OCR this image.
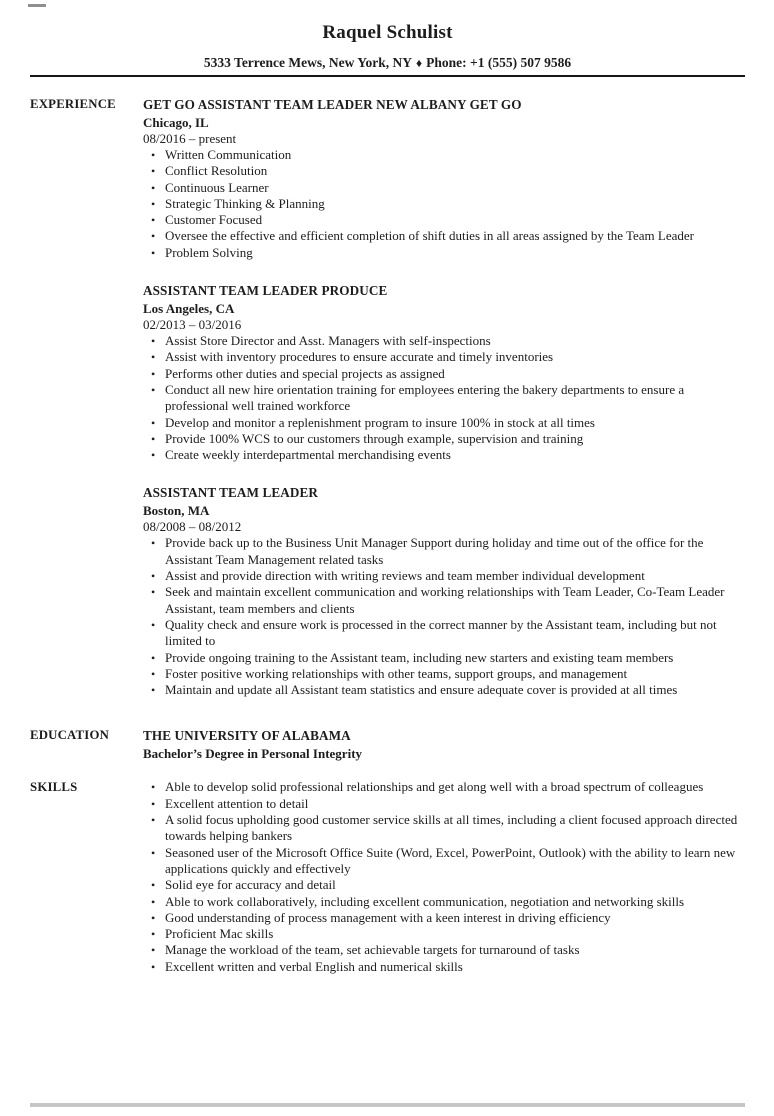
Raquel Schulist
5333 Terrence Mews, New York, NY ♦ Phone: +1 (555) 507 9586
EXPERIENCE	GET GO ASSISTANT TEAM LEADER NEW ALBANY GET GO
Chicago, IL
08/2016 – present
• Written Communication
• Conflict Resolution
• Continuous Learner
• Strategic Thinking & Planning
• Customer Focused
• Oversee the effective and efficient completion of shift duties in all areas assigned by the Team Leader
• Problem Solving
ASSISTANT TEAM LEADER PRODUCE
Los Angeles, CA
02/2013 – 03/2016
• Assist Store Director and Asst. Managers with self-inspections
• Assist with inventory procedures to ensure accurate and timely inventories
• Performs other duties and special projects as assigned
• Conduct all new hire orientation training for employees entering the bakery departments to ensure a professional well trained workforce
• Develop and monitor a replenishment program to insure 100% in stock at all times
• Provide 100% WCS to our customers through example, supervision and training
• Create weekly interdepartmental merchandising events
ASSISTANT TEAM LEADER
Boston, MA
08/2008 – 08/2012
• Provide back up to the Business Unit Manager Support during holiday and time out of the office for the Assistant Team Management related tasks
• Assist and provide direction with writing reviews and team member individual development
• Seek and maintain excellent communication and working relationships with Team Leader, Co-Team Leader Assistant, team members and clients
• Quality check and ensure work is processed in the correct manner by the Assistant team, including but not limited to
• Provide ongoing training to the Assistant team, including new starters and existing team members
• Foster positive working relationships with other teams, support groups, and management
• Maintain and update all Assistant team statistics and ensure adequate cover is provided at all times
EDUCATION	THE UNIVERSITY OF ALABAMA
Bachelor’s Degree in Personal Integrity
SKILLS	• Able to develop solid professional relationships and get along well with a broad spectrum of colleagues
• Excellent attention to detail
• A solid focus upholding good customer service skills at all times, including a client focused approach directed towards helping bankers
• Seasoned user of the Microsoft Office Suite (Word, Excel, PowerPoint, Outlook) with the ability to learn new applications quickly and effectively
• Solid eye for accuracy and detail
• Able to work collaboratively, including excellent communication, negotiation and networking skills
• Good understanding of process management with a keen interest in driving efficiency
• Proficient Mac skills
• Manage the workload of the team, set achievable targets for turnaround of tasks
• Excellent written and verbal English and numerical skills
